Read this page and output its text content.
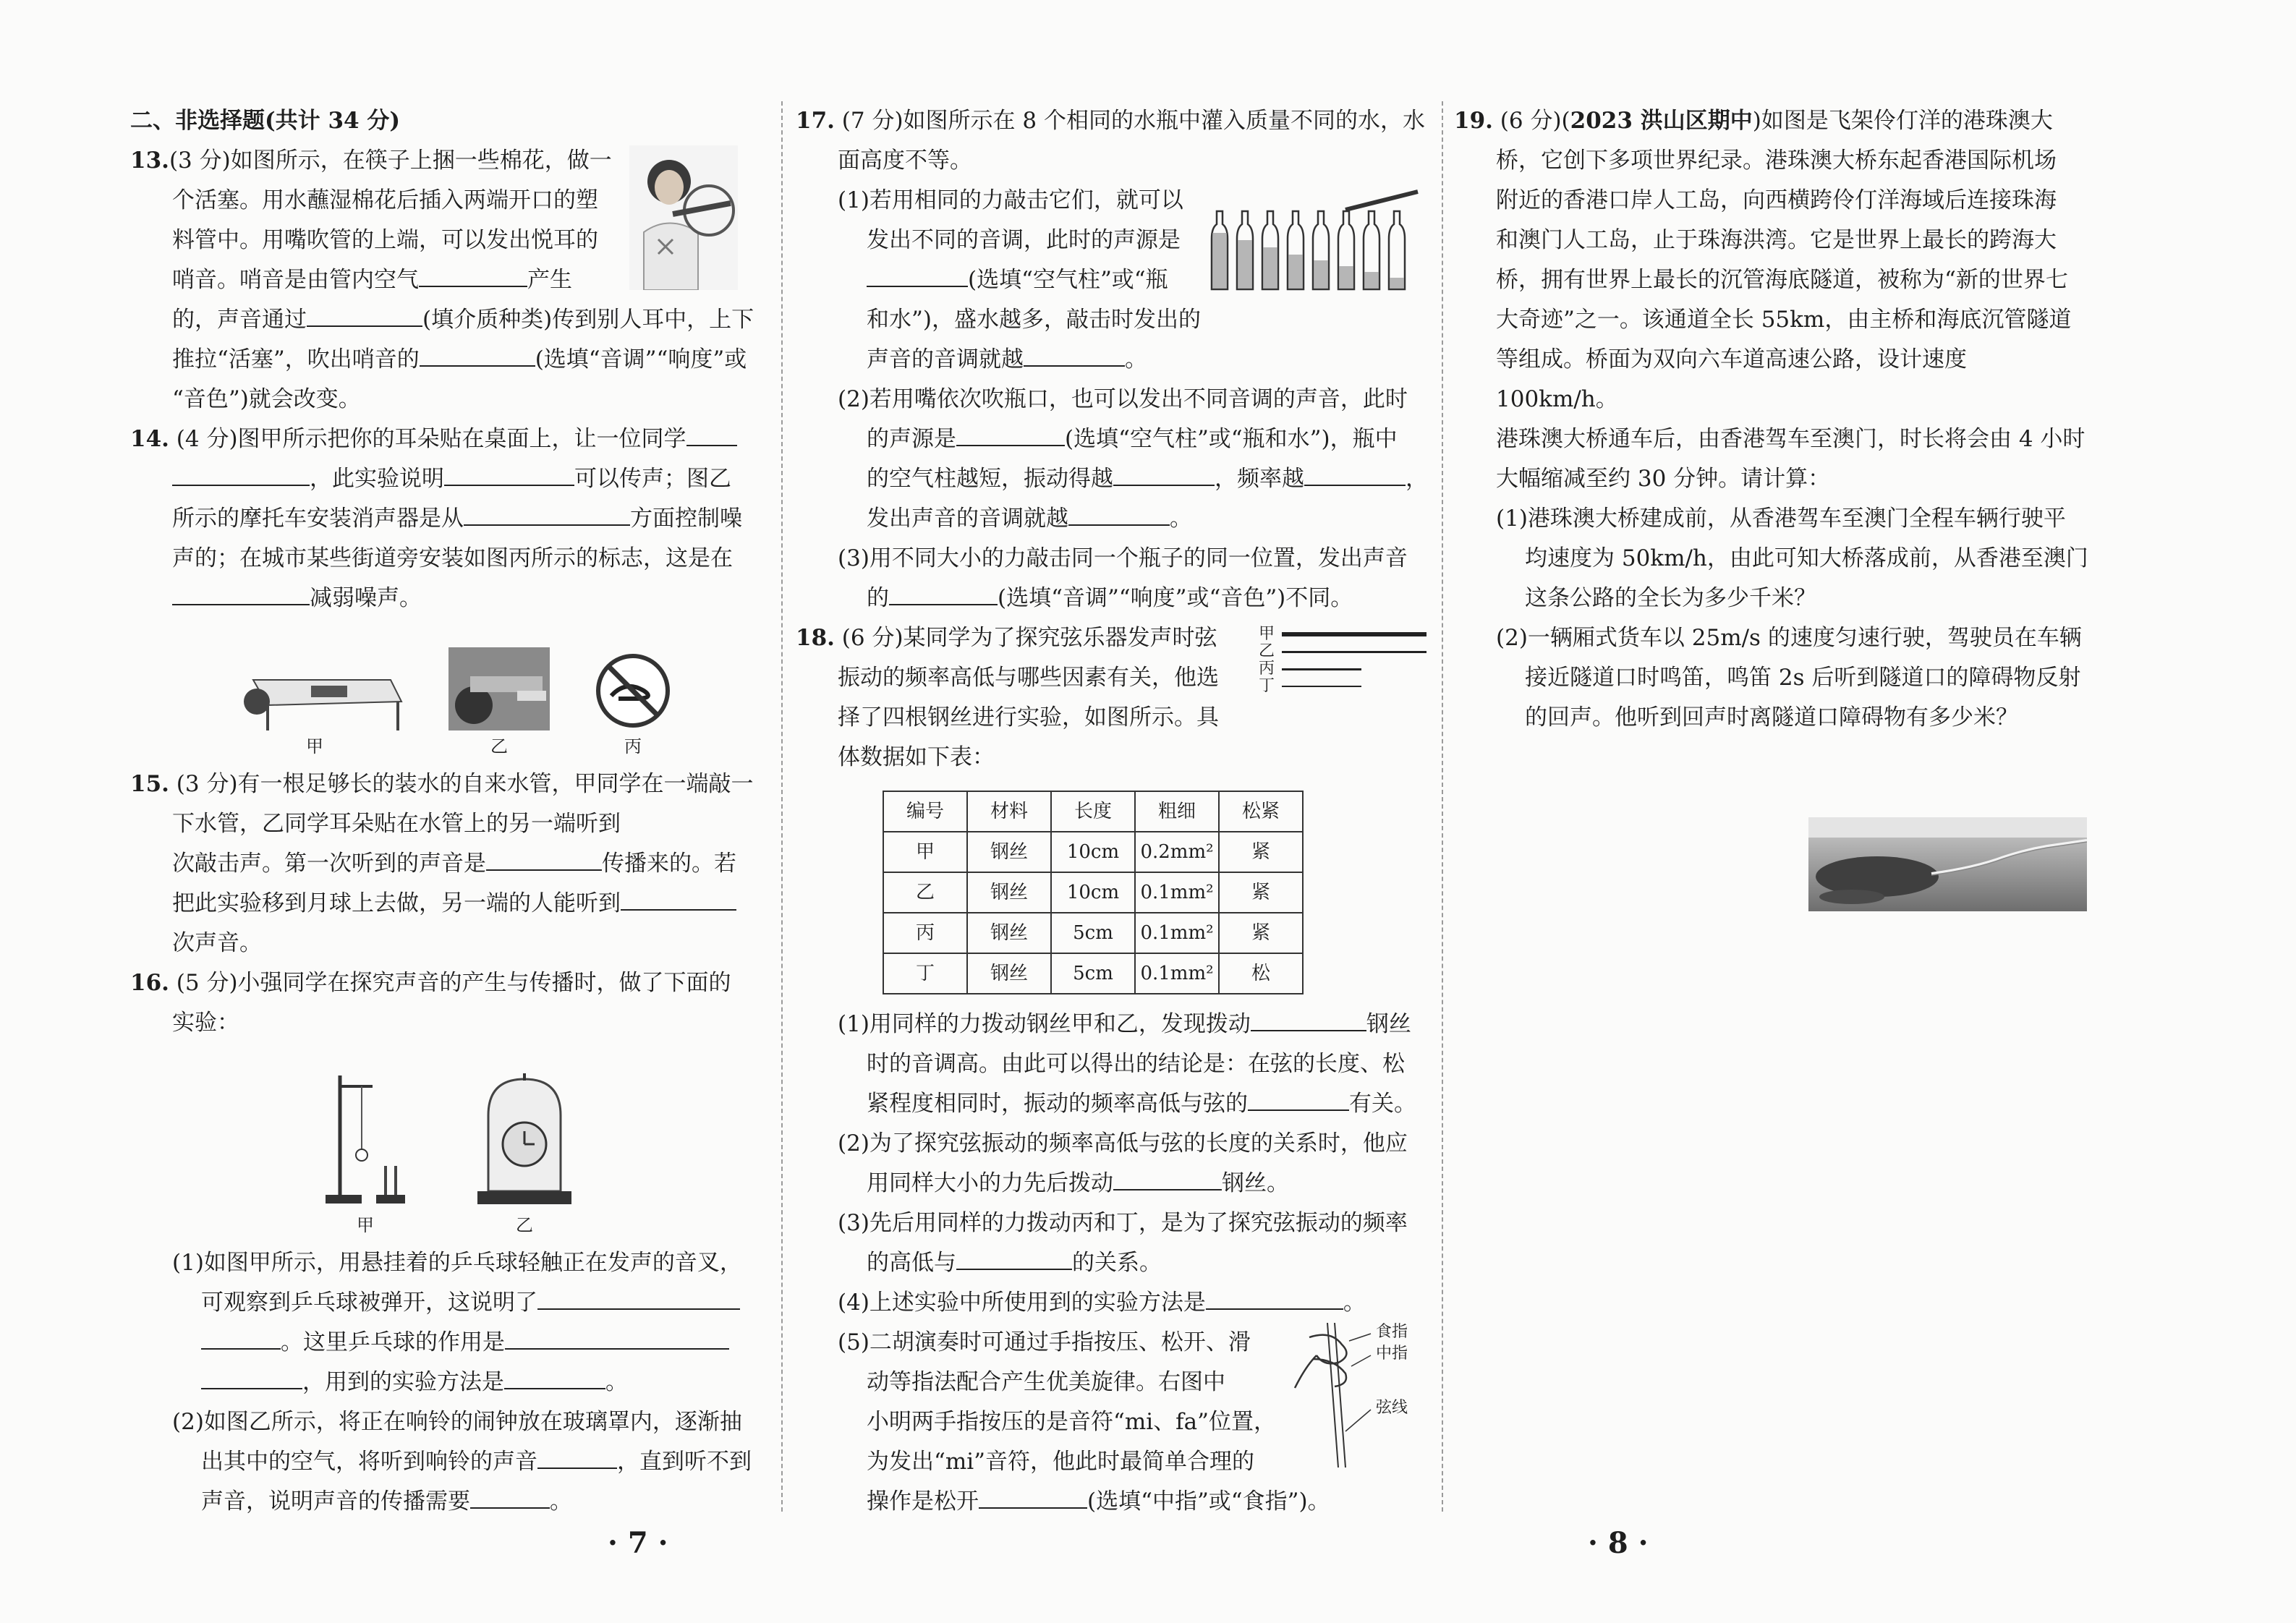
二、非选择题(共计 34 分)
13.(3 分)如图所示，在筷子上捆一些棉花，做一
个活塞。用水蘸湿棉花后插入两端开口的塑
料管中。用嘴吹管的上端，可以发出悦耳的
哨音。哨音是由管内空气	产生
的，声音通过	(填介质种类)传到别人耳中，上下
推拉“活塞”，吹出哨音的	(选填“音调”“响度”或
“音色”)就会改变。
14. (4 分)图甲所示把你的耳朵贴在桌面上，让一位同学
，此实验说明	可以传声；图乙
所示的摩托车安装消声器是从	方面控制噪
声的；在城市某些街道旁安装如图丙所示的标志，这是在
减弱噪声。
甲	乙	丙
15. (3 分)有一根足够长的装水的自来水管，甲同学在一端敲一
下水管，乙同学耳朵贴在水管上的另一端听到
次敲击声。第一次听到的声音是	传播来的。若
把此实验移到月球上去做，另一端的人能听到
次声音。
16. (5 分)小强同学在探究声音的产生与传播时，做了下面的
实验：
甲	乙
(1)如图甲所示，用悬挂着的乒乓球轻触正在发声的音叉，
可观察到乒乓球被弹开，这说明了
。这里乒乓球的作用是
，用到的实验方法是	。
(2)如图乙所示，将正在响铃的闹钟放在玻璃罩内，逐渐抽
出其中的空气，将听到响铃的声音	，直到听不到
声音，说明声音的传播需要	。
17. (7 分)如图所示在 8 个相同的水瓶中灌入质量不同的水，水
面高度不等。
(1)若用相同的力敲击它们，就可以
发出不同的音调，此时的声源是
(选填“空气柱”或“瓶
和水”)，盛水越多，敲击时发出的
声音的音调就越	。
(2)若用嘴依次吹瓶口，也可以发出不同音调的声音，此时
的声源是	(选填“空气柱”或“瓶和水”)，瓶中
的空气柱越短，振动得越	，频率越	，
发出声音的音调就越	。
(3)用不同大小的力敲击同一个瓶子的同一位置，发出声音
的	(选填“音调”“响度”或“音色”)不同。
甲
乙
丙
丁
18. (6 分)某同学为了探究弦乐器发声时弦
振动的频率高低与哪些因素有关，他选
择了四根钢丝进行实验，如图所示。具
体数据如下表：
编号	材料	长度	粗细	松紧
甲	钢丝	10cm	0.2mm²	紧
乙	钢丝	10cm	0.1mm²	紧
丙	钢丝	5cm	0.1mm²	紧
丁	钢丝	5cm	0.1mm²	松
(1)用同样的力拨动钢丝甲和乙，发现拨动	钢丝
时的音调高。由此可以得出的结论是：在弦的长度、松
紧程度相同时，振动的频率高低与弦的	有关。
(2)为了探究弦振动的频率高低与弦的长度的关系时，他应
用同样大小的力先后拨动	钢丝。
(3)先后用同样的力拨动丙和丁，是为了探究弦振动的频率
的高低与	的关系。
(4)上述实验中所使用到的实验方法是	。
食指
中指
弦线
(5)二胡演奏时可通过手指按压、松开、滑
动等指法配合产生优美旋律。右图中
小明两手指按压的是音符“mi、fa”位置，
为发出“mi”音符，他此时最简单合理的
操作是松开	(选填“中指”或“食指”)。
19. (6 分)(2023 洪山区期中)如图是飞架伶仃洋的港珠澳大
桥，它创下多项世界纪录。港珠澳大桥东起香港国际机场
附近的香港口岸人工岛，向西横跨伶仃洋海域后连接珠海
和澳门人工岛，止于珠海洪湾。它是世界上最长的跨海大
桥，拥有世界上最长的沉管海底隧道，被称为“新的世界七
大奇迹”之一。该通道全长 55km，由主桥和海底沉管隧道
等组成。桥面为双向六车道高速公路，设计速度 100km/h。
港珠澳大桥通车后，由香港驾车至澳门，时长将会由 4 小时
大幅缩减至约 30 分钟。请计算：
(1)港珠澳大桥建成前，从香港驾车至澳门全程车辆行驶平
均速度为 50km/h，由此可知大桥落成前，从香港至澳门
这条公路的全长为多少千米？
(2)一辆厢式货车以 25m/s 的速度匀速行驶，驾驶员在车辆
接近隧道口时鸣笛，鸣笛 2s 后听到隧道口的障碍物反射
的回声。他听到回声时离隧道口障碍物有多少米？
· 7 ·	· 8 ·
